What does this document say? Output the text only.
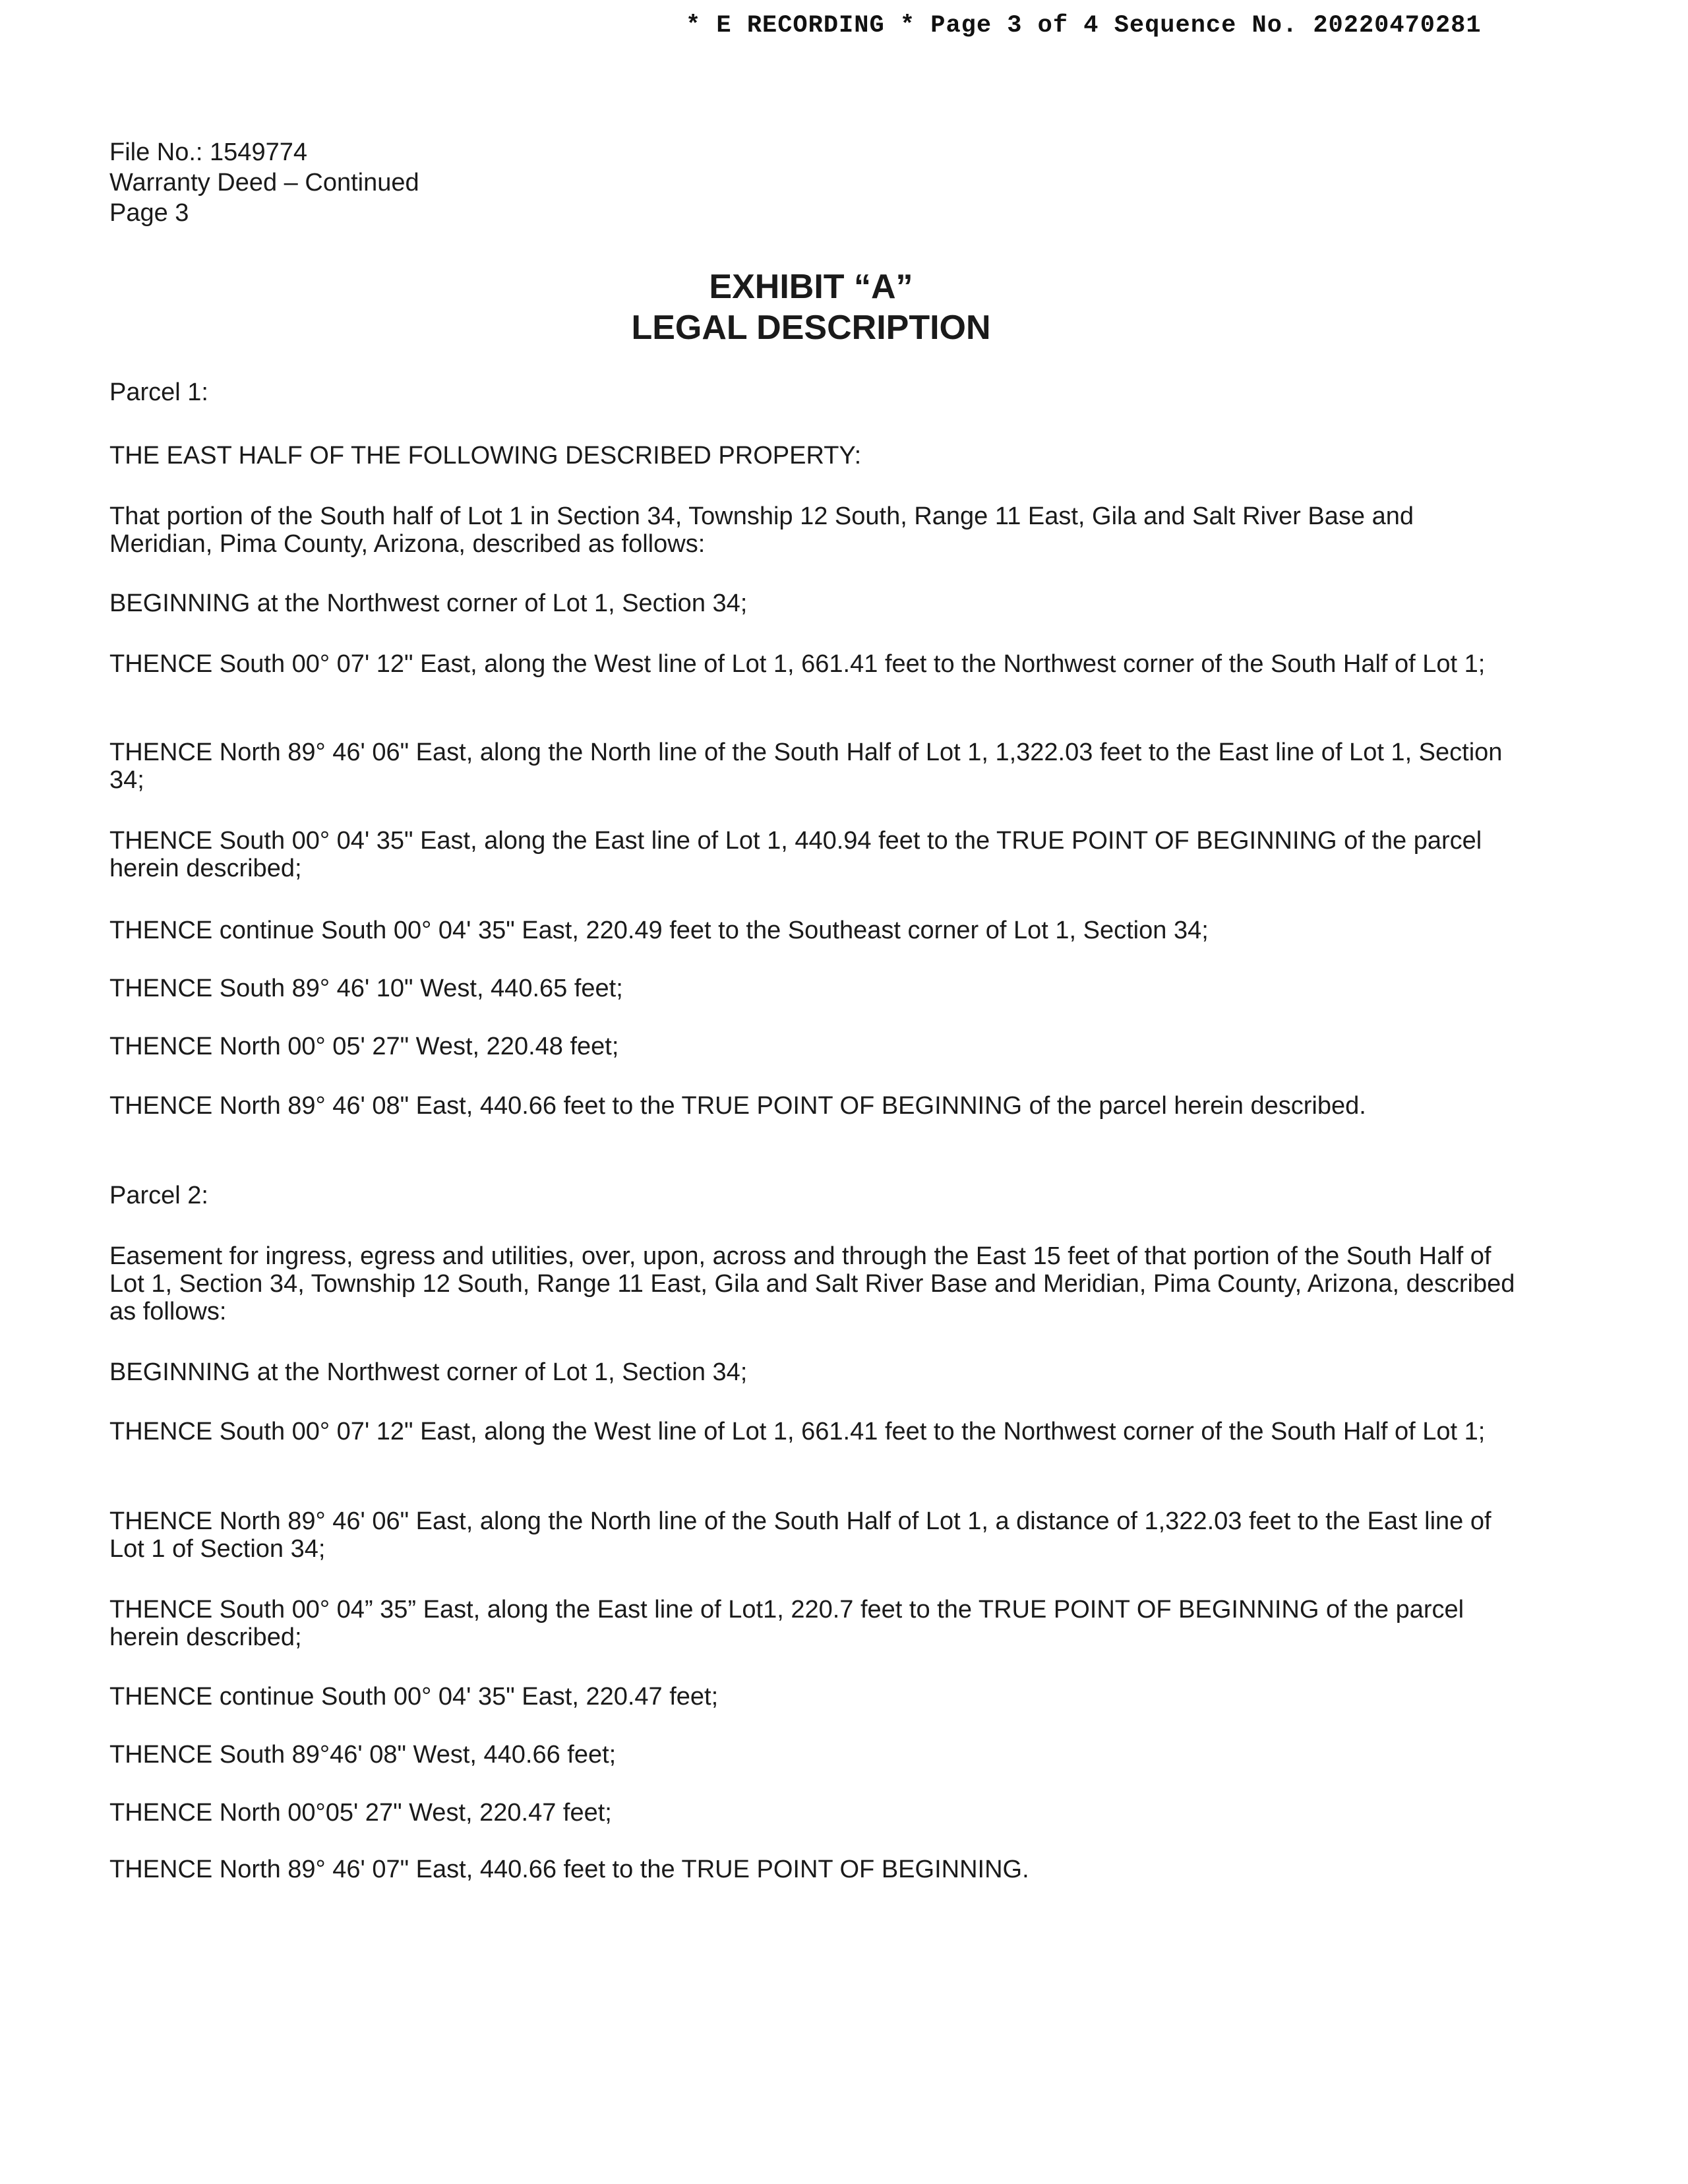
* E RECORDING * Page 3 of 4 Sequence No. 20220470281
File No.: 1549774
Warranty Deed – Continued
Page 3
EXHIBIT “A”
LEGAL DESCRIPTION

Parcel 1:

THE EAST HALF OF THE FOLLOWING DESCRIBED PROPERTY:

That portion of the South half of Lot 1 in Section 34, Township 12 South, Range 11 East, Gila and Salt River Base and Meridian, Pima County, Arizona, described as follows:

BEGINNING at the Northwest corner of Lot 1, Section 34;

THENCE South 00° 07' 12" East, along the West line of Lot 1, 661.41 feet to the Northwest corner of the South Half of Lot 1;

THENCE North 89° 46' 06" East, along the North line of the South Half of Lot 1, 1,322.03 feet to the East line of Lot 1, Section 34;

THENCE South 00° 04' 35" East, along the East line of Lot 1, 440.94 feet to the TRUE POINT OF BEGINNING of the parcel herein described;

THENCE continue South 00° 04' 35" East, 220.49 feet to the Southeast corner of Lot 1, Section 34;

THENCE South 89° 46' 10" West, 440.65 feet;

THENCE North 00° 05' 27" West, 220.48 feet;

THENCE North 89° 46' 08" East, 440.66 feet to the TRUE POINT OF BEGINNING of the parcel herein described.

Parcel 2:

Easement for ingress, egress and utilities, over, upon, across and through the East 15 feet of that portion of the South Half of Lot 1, Section 34, Township 12 South, Range 11 East, Gila and Salt River Base and Meridian, Pima County, Arizona, described as follows:

BEGINNING at the Northwest corner of Lot 1, Section 34;

THENCE South 00° 07' 12" East, along the West line of Lot 1, 661.41 feet to the Northwest corner of the South Half of Lot 1;

THENCE North 89° 46' 06" East, along the North line of the South Half of Lot 1, a distance of 1,322.03 feet to the East line of Lot 1 of Section 34;

THENCE South 00° 04” 35” East, along the East line of Lot1, 220.7 feet to the TRUE POINT OF BEGINNING of the parcel herein described;

THENCE continue South 00° 04' 35" East, 220.47 feet;

THENCE South 89°46' 08" West, 440.66 feet;

THENCE North 00°05' 27" West, 220.47 feet;

THENCE North 89° 46' 07" East, 440.66 feet to the TRUE POINT OF BEGINNING.
